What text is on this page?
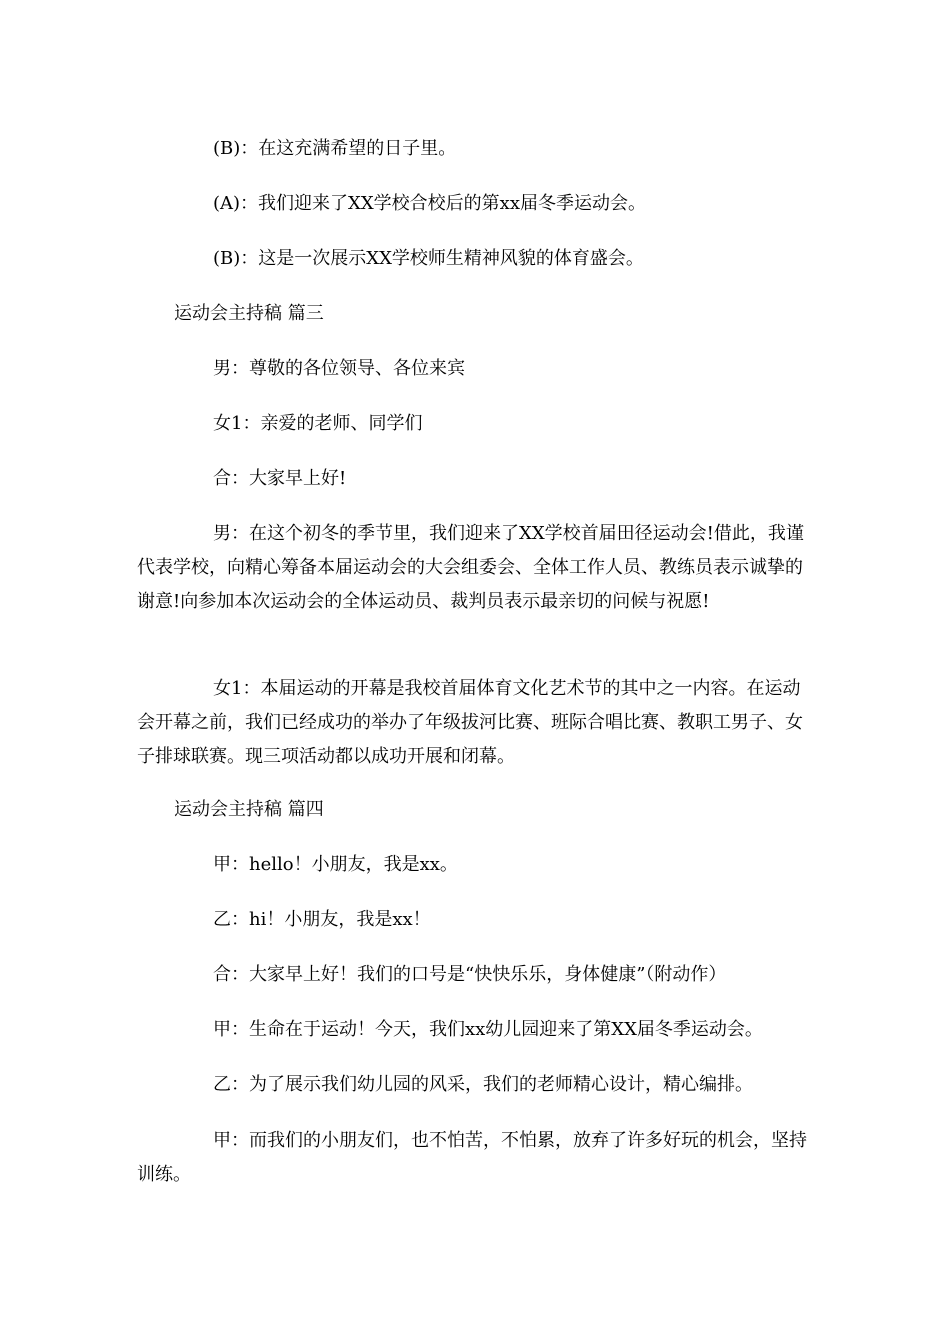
(B)：在这充满希望的日子里。

(A)：我们迎来了XX学校合校后的第xx届冬季运动会。

(B)：这是一次展示XX学校师生精神风貌的体育盛会。

运动会主持稿 篇三

男：尊敬的各位领导、各位来宾

女1：亲爱的老师、同学们

合：大家早上好!

男：在这个初冬的季节里，我们迎来了XX学校首届田径运动会!借此，我谨代表学校，向精心筹备本届运动会的大会组委会、全体工作人员、教练员表示诚挚的谢意!向参加本次运动会的全体运动员、裁判员表示最亲切的问候与祝愿!

女1：本届运动的开幕是我校首届体育文化艺术节的其中之一内容。在运动会开幕之前，我们已经成功的举办了年级拔河比赛、班际合唱比赛、教职工男子、女子排球联赛。现三项活动都以成功开展和闭幕。

运动会主持稿 篇四

甲：hello！小朋友，我是xx。

乙：hi！小朋友，我是xx！

合：大家早上好！我们的口号是“快快乐乐，身体健康”（附动作）

甲：生命在于运动！今天，我们xx幼儿园迎来了第XX届冬季运动会。

乙：为了展示我们幼儿园的风采，我们的老师精心设计，精心编排。

甲：而我们的小朋友们，也不怕苦，不怕累，放弃了许多好玩的机会，坚持训练。
